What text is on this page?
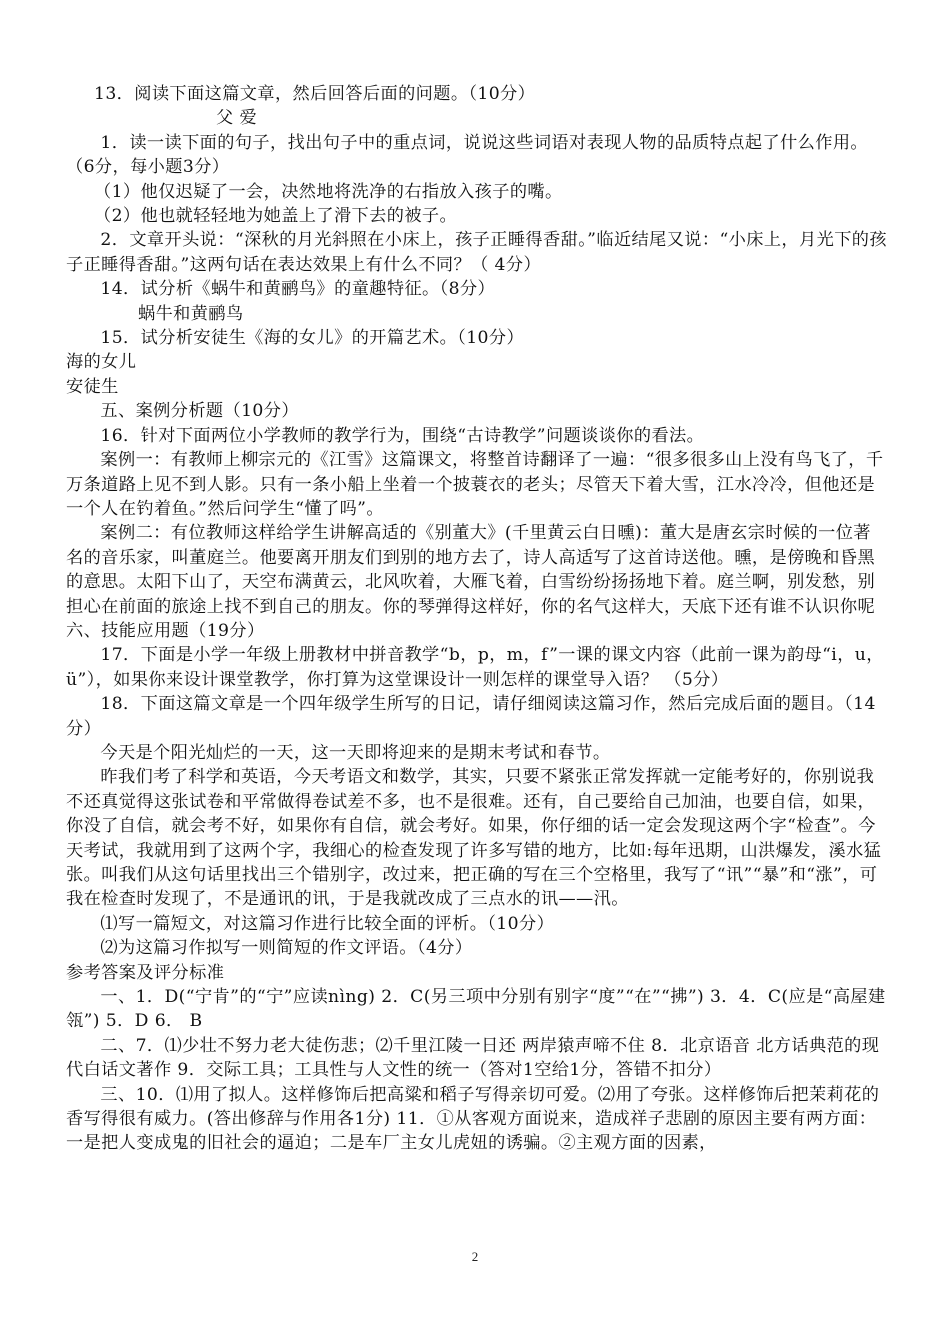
13．阅读下面这篇文章，然后回答后面的问题。（10分）

父 爱

1．读一读下面的句子，找出句子中的重点词，说说这些词语对表现人物的品质特点起了什么作用。（6分，每小题3分）

（1）他仅迟疑了一会，决然地将洗净的右指放入孩子的嘴。

（2）他也就轻轻地为她盖上了滑下去的被子。

2．文章开头说：“深秋的月光斜照在小床上，孩子正睡得香甜。”临近结尾又说：“小床上，月光下的孩子正睡得香甜。”这两句话在表达效果上有什么不同？（ 4分）

14．试分析《蜗牛和黄鹂鸟》的童趣特征。（8分）

蜗牛和黄鹂鸟

15．试分析安徒生《海的女儿》的开篇艺术。（10分）

海的女儿

安徒生

五、案例分析题（10分）

16．针对下面两位小学教师的教学行为，围绕“古诗教学”问题谈谈你的看法。

案例一：有教师上柳宗元的《江雪》这篇课文，将整首诗翻译了一遍：“很多很多山上没有鸟飞了，千万条道路上见不到人影。只有一条小船上坐着一个披蓑衣的老头；尽管天下着大雪，江水冷冷，但他还是一个人在钓着鱼。”然后问学生“懂了吗”。

案例二：有位教师这样给学生讲解高适的《别董大》(千里黄云白日曛)：董大是唐玄宗时候的一位著名的音乐家，叫董庭兰。他要离开朋友们到别的地方去了，诗人高适写了这首诗送他。曛，是傍晚和昏黑的意思。太阳下山了，天空布满黄云，北风吹着，大雁飞着，白雪纷纷扬扬地下着。庭兰啊，别发愁，别担心在前面的旅途上找不到自己的朋友。你的琴弹得这样好，你的名气这样大，天底下还有谁不认识你呢

六、技能应用题（19分）

17．下面是小学一年级上册教材中拼音教学“b，p，m，f”一课的课文内容（此前一课为韵母“i，u，ü”），如果你来设计课堂教学，你打算为这堂课设计一则怎样的课堂导入语？ （5分）

18．下面这篇文章是一个四年级学生所写的日记，请仔细阅读这篇习作，然后完成后面的题目。（14分）

今天是个阳光灿烂的一天，这一天即将迎来的是期末考试和春节。

昨我们考了科学和英语，今天考语文和数学，其实，只要不紧张正常发挥就一定能考好的，你别说我不还真觉得这张试卷和平常做得卷试差不多，也不是很难。还有，自己要给自己加油，也要自信，如果，你没了自信，就会考不好，如果你有自信，就会考好。如果，你仔细的话一定会发现这两个字“检查”。今天考试，我就用到了这两个字，我细心的检查发现了许多写错的地方，比如:每年迅期，山洪爆发，溪水猛张。叫我们从这句话里找出三个错别字，改过来，把正确的写在三个空格里，我写了“讯”“暴”和“涨”，可我在检查时发现了，不是通讯的讯，于是我就改成了三点水的讯——汛。

⑴写一篇短文，对这篇习作进行比较全面的评析。（10分）

⑵为这篇习作拟写一则简短的作文评语。（4分）

参考答案及评分标准

一、1．D(“宁肯”的“宁”应读nìng) 2．C(另三项中分别有别字“度”“在”“拂”) 3．4．C(应是“高屋建瓴”) 5．D 6． B

二、7．⑴少壮不努力老大徒伤悲；⑵千里江陵一日还 两岸猿声啼不住 8．北京语音 北方话典范的现代白话文著作 9．交际工具；工具性与人文性的统一（答对1空给1分，答错不扣分）

三、10．⑴用了拟人。这样修饰后把高粱和稻子写得亲切可爱。⑵用了夸张。这样修饰后把茉莉花的香写得很有威力。(答出修辞与作用各1分) 11．①从客观方面说来，造成祥子悲剧的原因主要有两方面：一是把人变成鬼的旧社会的逼迫；二是车厂主女儿虎妞的诱骗。②主观方面的因素，

2
